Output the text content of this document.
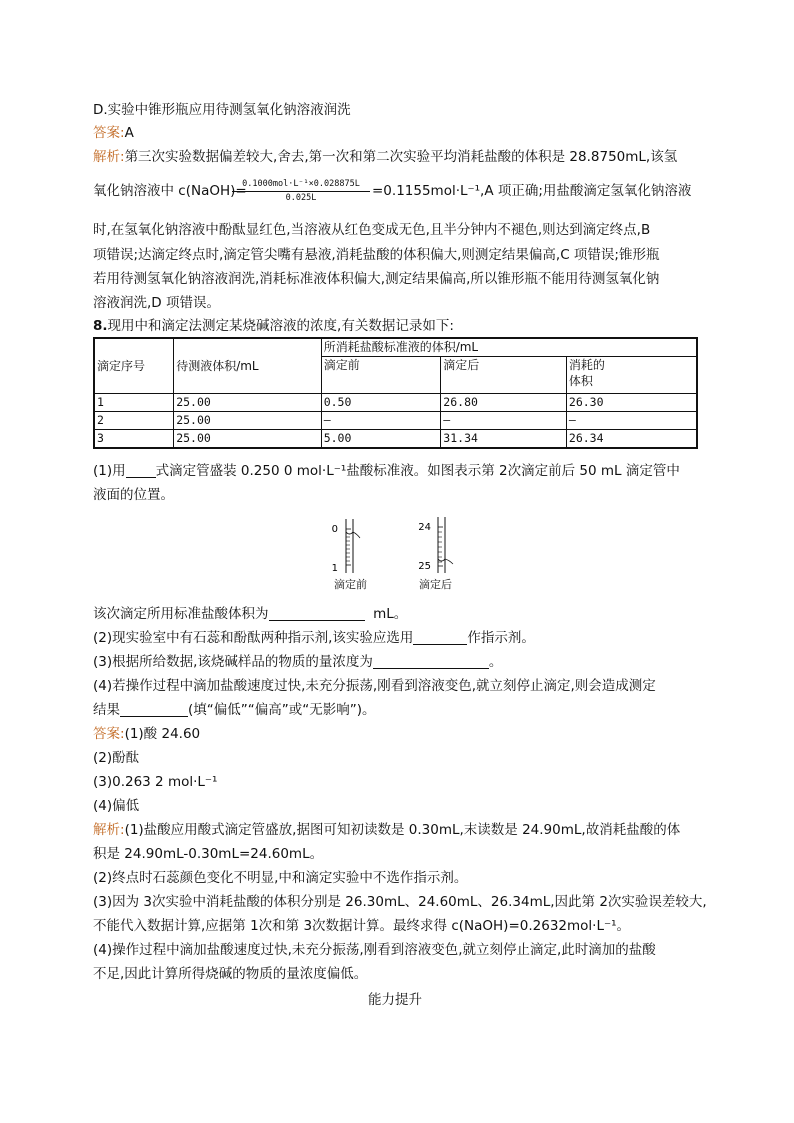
D.实验中锥形瓶应用待测氢氧化钠溶液润洗
答案:A
解析:第三次实验数据偏差较大,舍去,第一次和第二次实验平均消耗盐酸的体积是 28.8750mL,该氢
氧化钠溶液中 c(NaOH)=
0.1000mol·L⁻¹×0.028875L
0.025L	=0.1155mol·L⁻¹,A 项正确;用盐酸滴定氢氧化钠溶液
时,在氢氧化钠溶液中酚酞显红色,当溶液从红色变成无色,且半分钟内不褪色,则达到滴定终点,B
项错误;达滴定终点时,滴定管尖嘴有悬液,消耗盐酸的体积偏大,则测定结果偏高,C 项错误;锥形瓶
若用待测氢氧化钠溶液润洗,消耗标准液体积偏大,测定结果偏高,所以锥形瓶不能用待测氢氧化钠
溶液润洗,D 项错误。
8.现用中和滴定法测定某烧碱溶液的浓度,有关数据记录如下:
滴定序号	待测液体积/mL	所消耗盐酸标准液的体积/mL		
		滴定前	滴定后	消耗的
体积
1	25.00	0.50	26.80	26.30
2	25.00	—	—	—
3	25.00	5.00	31.34	26.34
(1)用 式滴定管盛装 0.250 0 mol·L⁻¹盐酸标准液。如图表示第 2次滴定前后 50 mL 滴定管中
液面的位置。
0
1
24
25
滴定前	滴定后
该次滴定所用标准盐酸体积为	mL。
(2)现实验室中有石蕊和酚酞两种指示剂,该实验应选用	作指示剂。
(3)根据所给数据,该烧碱样品的物质的量浓度为	。
(4)若操作过程中滴加盐酸速度过快,未充分振荡,刚看到溶液变色,就立刻停止滴定,则会造成测定
结果	(填“偏低”“偏高”或“无影响”)。
答案:(1)酸 24.60
(2)酚酞
(3)0.263 2 mol·L⁻¹
(4)偏低
解析:(1)盐酸应用酸式滴定管盛放,据图可知初读数是 0.30mL,末读数是 24.90mL,故消耗盐酸的体
积是 24.90mL-0.30mL=24.60mL。
(2)终点时石蕊颜色变化不明显,中和滴定实验中不选作指示剂。
(3)因为 3次实验中消耗盐酸的体积分别是 26.30mL、24.60mL、26.34mL,因此第 2次实验误差较大,
不能代入数据计算,应据第 1次和第 3次数据计算。最终求得 c(NaOH)=0.2632mol·L⁻¹。
(4)操作过程中滴加盐酸速度过快,未充分振荡,刚看到溶液变色,就立刻停止滴定,此时滴加的盐酸
不足,因此计算所得烧碱的物质的量浓度偏低。
能力提升
